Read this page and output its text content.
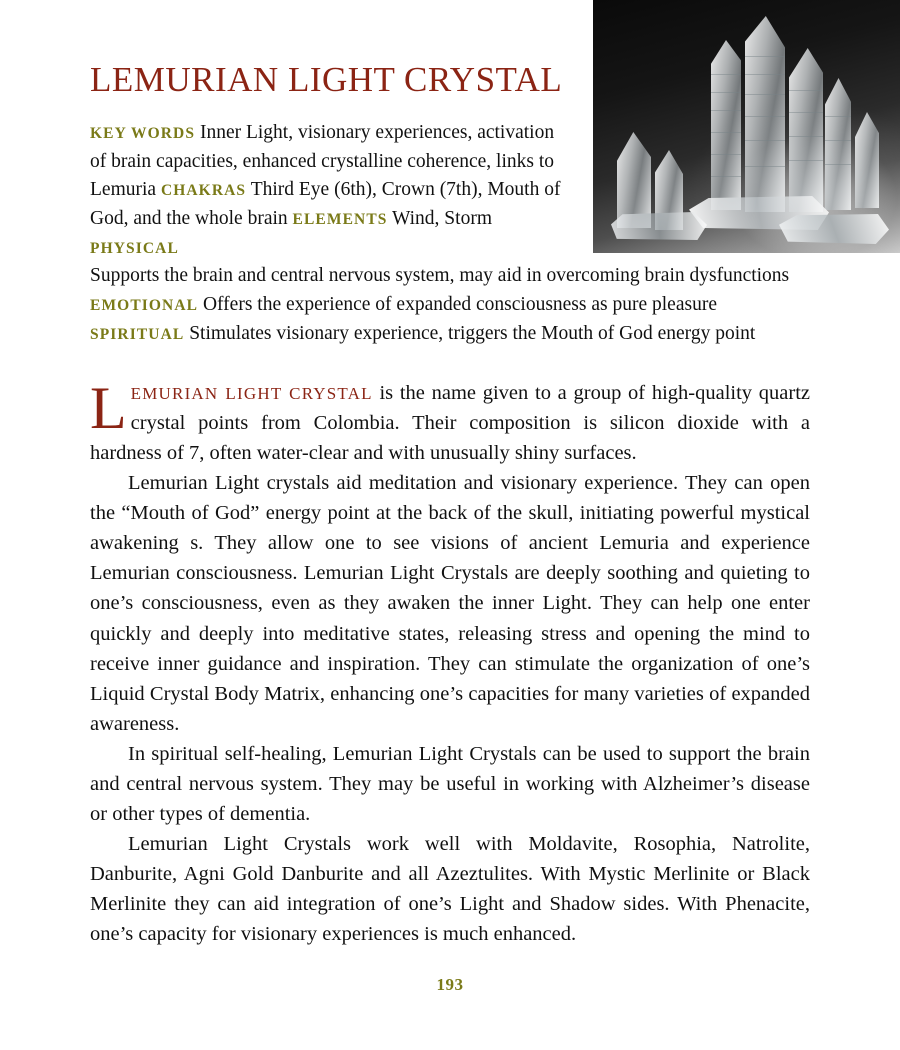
LEMURIAN LIGHT CRYSTAL
KEY WORDS Inner Light, visionary experiences, activation of brain capacities, enhanced crystalline coherence, links to Lemuria CHAKRAS Third Eye (6th), Crown (7th), Mouth of God, and the whole brain ELEMENTS Wind, Storm PHYSICAL
Supports the brain and central nervous system, may aid in overcoming brain dysfunctions EMOTIONAL Offers the experience of expanded consciousness as pure pleasure SPIRITUAL Stimulates visionary experience, triggers the Mouth of God energy point

LEMURIAN LIGHT CRYSTAL is the name given to a group of high-quality quartz crystal points from Colombia. Their composition is silicon dioxide with a hardness of 7, often water-clear and with unusually shiny surfaces.

Lemurian Light crystals aid meditation and visionary experience. They can open the “Mouth of God” energy point at the back of the skull, initiating powerful mystical awakening s. They allow one to see visions of ancient Lemuria and experience Lemurian consciousness. Lemurian Light Crystals are deeply soothing and quieting to one’s consciousness, even as they awaken the inner Light. They can help one enter quickly and deeply into meditative states, releasing stress and opening the mind to receive inner guidance and inspiration. They can stimulate the organization of one’s Liquid Crystal Body Matrix, enhancing one’s capacities for many varieties of expanded awareness.

In spiritual self-healing, Lemurian Light Crystals can be used to support the brain and central nervous system. They may be useful in working with Alzheimer’s disease or other types of dementia.

Lemurian Light Crystals work well with Moldavite, Rosophia, Natrolite, Danburite, Agni Gold Danburite and all Azeztulites. With Mystic Merlinite or Black Merlinite they can aid integration of one’s Light and Shadow sides. With Phenacite, one’s capacity for visionary experiences is much enhanced.

193
